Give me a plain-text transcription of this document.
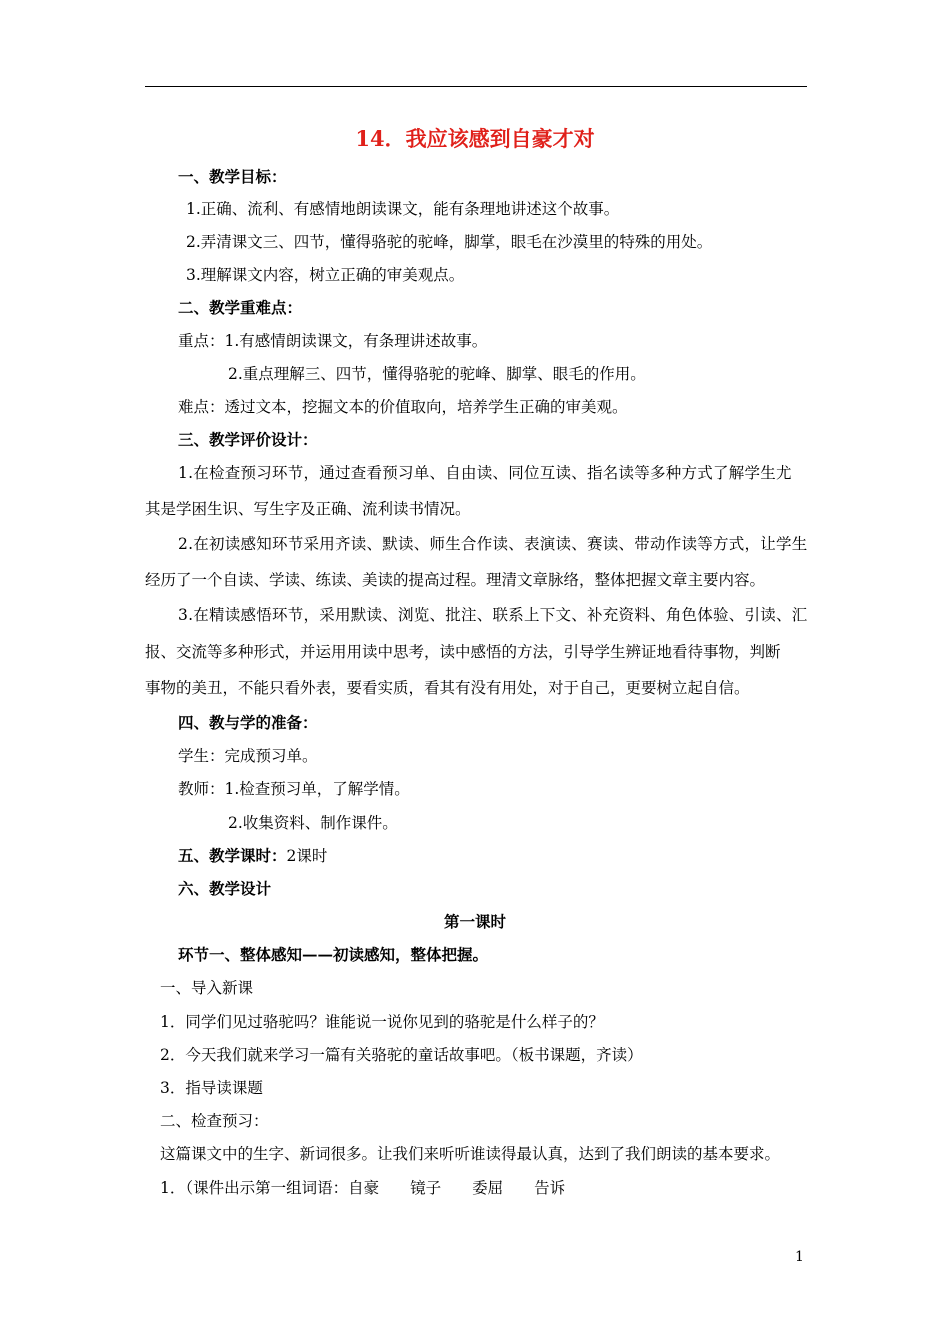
14．我应该感到自豪才对
一、教学目标：
1.正确、流利、有感情地朗读课文，能有条理地讲述这个故事。
2.弄清课文三、四节，懂得骆驼的驼峰，脚掌，眼毛在沙漠里的特殊的用处。
3.理解课文内容，树立正确的审美观点。
二、教学重难点：
重点：1.有感情朗读课文，有条理讲述故事。
2.重点理解三、四节，懂得骆驼的驼峰、脚掌、眼毛的作用。
难点：透过文本，挖掘文本的价值取向，培养学生正确的审美观。
三、教学评价设计：
1.在检查预习环节，通过查看预习单、自由读、同位互读、指名读等多种方式了解学生尤
其是学困生识、写生字及正确、流利读书情况。
2.在初读感知环节采用齐读、默读、师生合作读、表演读、赛读、带动作读等方式，让学生
经历了一个自读、学读、练读、美读的提高过程。理清文章脉络，整体把握文章主要内容。
3.在精读感悟环节，采用默读、浏览、批注、联系上下文、补充资料、角色体验、引读、汇
报、交流等多种形式，并运用用读中思考，读中感悟的方法，引导学生辨证地看待事物，判断
事物的美丑，不能只看外表，要看实质，看其有没有用处，对于自己，更要树立起自信。
四、教与学的准备：
学生：完成预习单。
教师：1.检查预习单，了解学情。
2.收集资料、制作课件。
五、教学课时：2课时
六、教学设计
第一课时
环节一、整体感知——初读感知，整体把握。
一、导入新课
1．同学们见过骆驼吗？谁能说一说你见到的骆驼是什么样子的？
2．今天我们就来学习一篇有关骆驼的童话故事吧。（板书课题，齐读）
3．指导读课题
二、检查预习：
这篇课文中的生字、新词很多。让我们来听听谁读得最认真，达到了我们朗读的基本要求。
1．（课件出示第一组词语：自豪　　镜子　　委屈　　告诉
1
